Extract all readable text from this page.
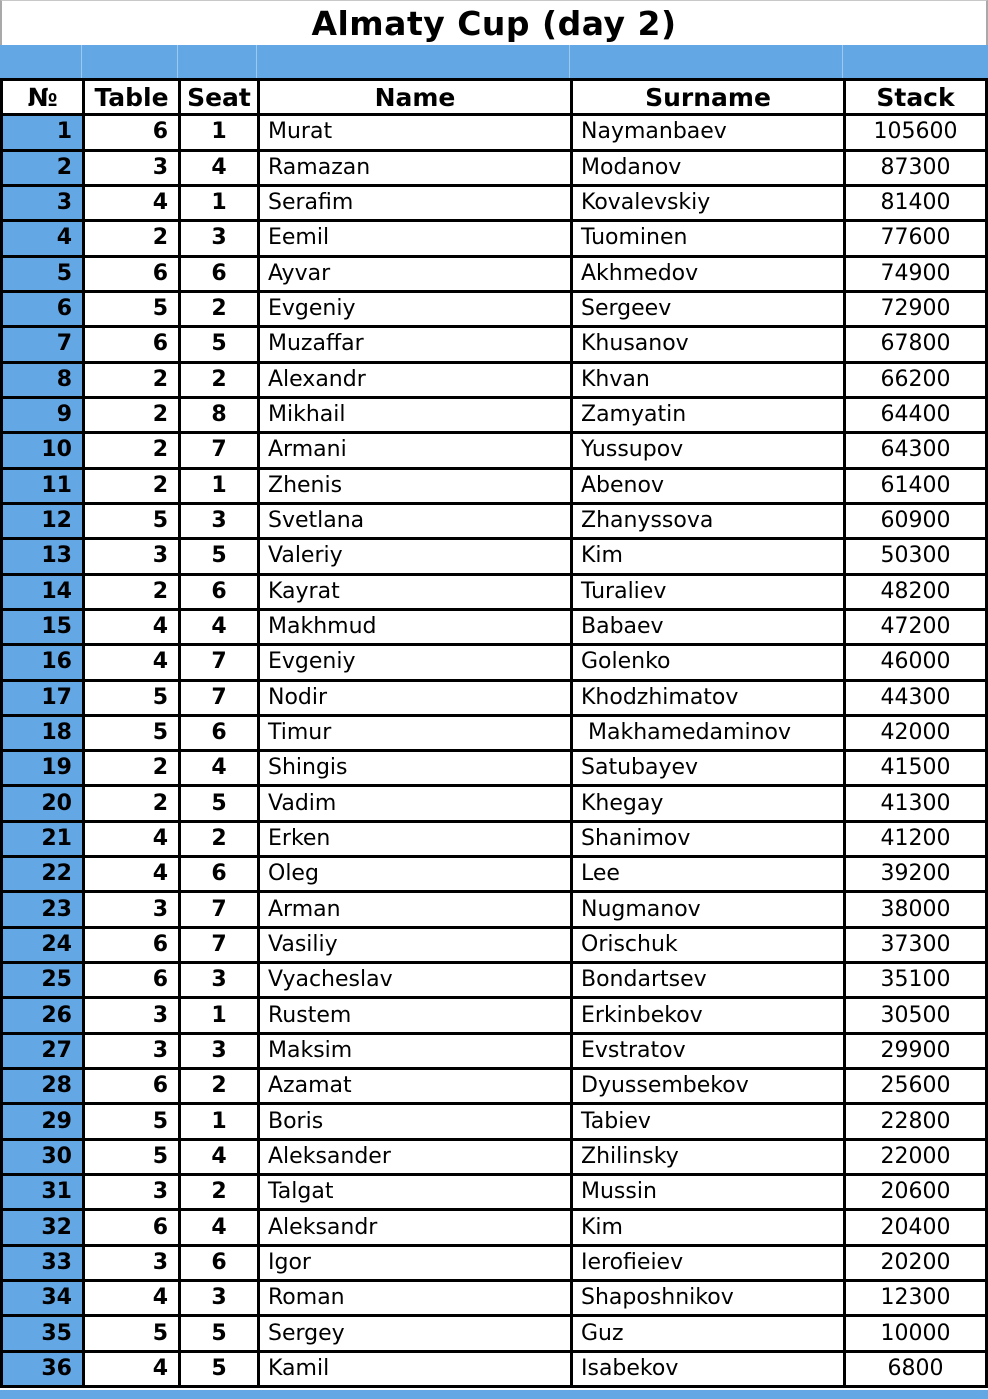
Almaty Cup (day 2)
№	Table Seat	Name	Surname	Stack
1	6	1	Murat	Naymanbaev	105600
2	3	4	Ramazan	Modanov	87300
3	4	1	Serafim	Kovalevskiy	81400
4	2	3	Eemil	Tuominen	77600
5	6	6	Ayvar	Akhmedov	74900
6	5	2	Evgeniy	Sergeev	72900
7	6	5	Muzaffar	Khusanov	67800
8	2	2	Alexandr	Khvan	66200
9	2	8	Mikhail	Zamyatin	64400
10	2	7	Armani	Yussupov	64300
11	2	1	Zhenis	Abenov	61400
12	5	3	Svetlana	Zhanyssova	60900
13	3	5	Valeriy	Kim	50300
14	2	6	Kayrat	Turaliev	48200
15	4	4	Makhmud	Babaev	47200
16	4	7	Evgeniy	Golenko	46000
17	5	7	Nodir	Khodzhimatov	44300
18	5	6	Timur	Makhamedaminov	42000
19	2	4	Shingis	Satubayev	41500
20	2	5	Vadim	Khegay	41300
21	4	2	Erken	Shanimov	41200
22	4	6	Oleg	Lee	39200
23	3	7	Arman	Nugmanov	38000
24	6	7	Vasiliy	Orischuk	37300
25	6	3	Vyacheslav	Bondartsev	35100
26	3	1	Rustem	Erkinbekov	30500
27	3	3	Maksim	Evstratov	29900
28	6	2	Azamat	Dyussembekov	25600
29	5	1	Boris	Tabiev	22800
30	5	4	Aleksander	Zhilinsky	22000
31	3	2	Talgat	Mussin	20600
32	6	4	Aleksandr	Kim	20400
33	3	6	Igor	Ierofieiev	20200
34	4	3	Roman	Shaposhnikov	12300
35	5	5	Sergey	Guz	10000
36	4	5	Kamil	Isabekov	6800
